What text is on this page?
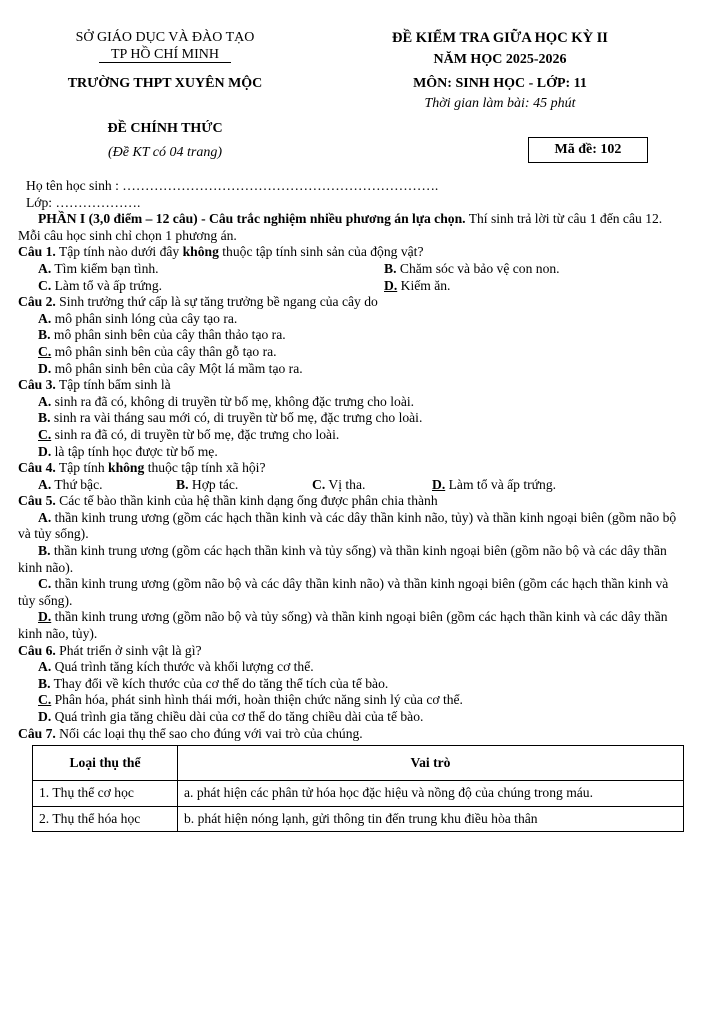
SỞ GIÁO DỤC VÀ ĐÀO TẠO
TP HỒ CHÍ MINH
TRƯỜNG THPT XUYÊN MỘC
ĐỀ CHÍNH THỨC
(Đề KT có 04 trang)
ĐỀ KIỂM TRA GIỮA HỌC KỲ II
NĂM HỌC 2025-2026
MÔN: SINH HỌC - LỚP: 11
Thời gian làm bài: 45 phút
Mã đề: 102

Họ tên học sinh : …………………………………………………………….

Lớp: ……………….

PHẦN I (3,0 điểm – 12 câu) - Câu trắc nghiệm nhiều phương án lựa chọn. Thí sinh trả lời từ câu 1 đến câu 12. Mỗi câu học sinh chỉ chọn 1 phương án.

Câu 1. Tập tính nào dưới đây không thuộc tập tính sinh sản của động vật?

A. Tìm kiếm bạn tình.	B. Chăm sóc và bảo vệ con non.
C. Làm tổ và ấp trứng.	D. Kiếm ăn.

Câu 2. Sinh trưởng thứ cấp là sự tăng trưởng bề ngang của cây do

A. mô phân sinh lóng của cây tạo ra.

B. mô phân sinh bên của cây thân thảo tạo ra.

C. mô phân sinh bên của cây thân gỗ tạo ra.

D. mô phân sinh bên của cây Một lá mầm tạo ra.

Câu 3. Tập tính bẩm sinh là

A. sinh ra đã có, không di truyền từ bố mẹ, không đặc trưng cho loài.

B. sinh ra vài tháng sau mới có, di truyền từ bố mẹ, đặc trưng cho loài.

C. sinh ra đã có, di truyền từ bố mẹ, đặc trưng cho loài.

D. là tập tính học được từ bố mẹ.

Câu 4. Tập tính không thuộc tập tính xã hội?

A. Thứ bậc.	B. Hợp tác.	C. Vị tha.	D. Làm tổ và ấp trứng.

Câu 5. Các tế bào thần kinh của hệ thần kinh dạng ống được phân chia thành

A. thần kinh trung ương (gồm các hạch thần kinh và các dây thần kinh não, tủy) và thần kinh ngoại biên (gồm não bộ và tủy sống).

B. thần kinh trung ương (gồm các hạch thần kinh và tủy sống) và thần kinh ngoại biên (gồm não bộ và các dây thần kinh não).

C. thần kinh trung ương (gồm não bộ và các dây thần kinh não) và thần kinh ngoại biên (gồm các hạch thần kinh và tủy sống).

D. thần kinh trung ương (gồm não bộ và tủy sống) và thần kinh ngoại biên (gồm các hạch thần kinh và các dây thần kinh não, tủy).

Câu 6. Phát triển ở sinh vật là gì?

A. Quá trình tăng kích thước và khối lượng cơ thể.

B. Thay đổi về kích thước của cơ thể do tăng thể tích của tế bào.

C. Phân hóa, phát sinh hình thái mới, hoàn thiện chức năng sinh lý của cơ thể.

D. Quá trình gia tăng chiều dài của cơ thể do tăng chiều dài của tế bào.

Câu 7. Nối các loại thụ thể sao cho đúng với vai trò của chúng.

Loại thụ thể	Vai trò
1. Thụ thể cơ học	a. phát hiện các phân tử hóa học đặc hiệu và nồng độ của chúng trong máu.
2. Thụ thể hóa học	b. phát hiện nóng lạnh, gửi thông tin đến trung khu điều hòa thân
